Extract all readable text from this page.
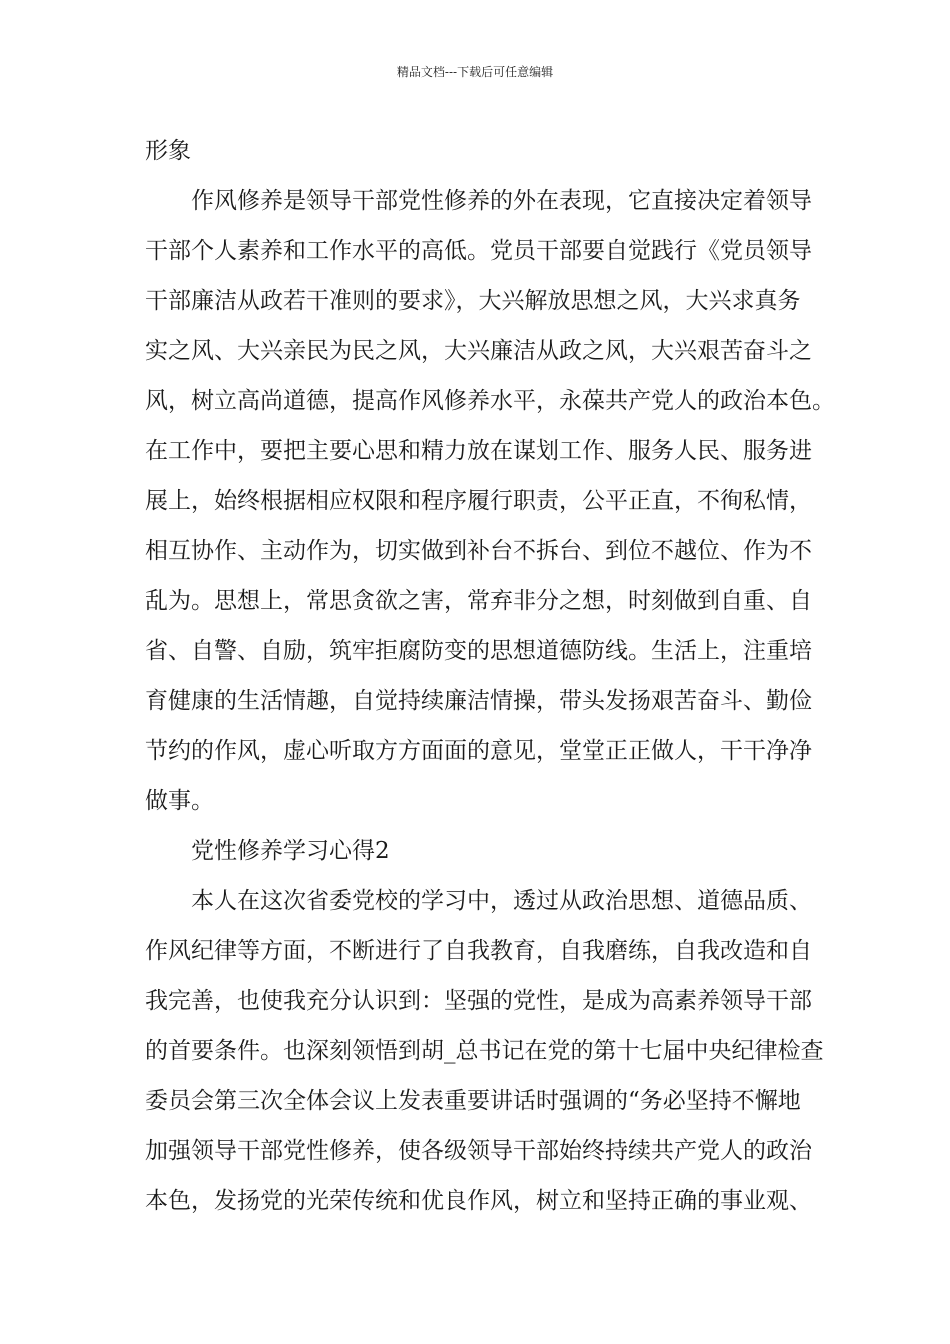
精品文档---下载后可任意编辑
形象
作风修养是领导干部党性修养的外在表现，它直接决定着领导
干部个人素养和工作水平的高低。党员干部要自觉践行《党员领导
干部廉洁从政若干准则的要求》，大兴解放思想之风，大兴求真务
实之风、大兴亲民为民之风，大兴廉洁从政之风，大兴艰苦奋斗之
风，树立高尚道德，提高作风修养水平，永葆共产党人的政治本色。
在工作中，要把主要心思和精力放在谋划工作、服务人民、服务进
展上，始终根据相应权限和程序履行职责，公平正直，不徇私情，
相互协作、主动作为，切实做到补台不拆台、到位不越位、作为不
乱为。思想上，常思贪欲之害，常弃非分之想，时刻做到自重、自
省、自警、自励，筑牢拒腐防变的思想道德防线。生活上，注重培
育健康的生活情趣，自觉持续廉洁情操，带头发扬艰苦奋斗、勤俭
节约的作风，虚心听取方方面面的意见，堂堂正正做人，干干净净
做事。
党性修养学习心得2
本人在这次省委党校的学习中，透过从政治思想、道德品质、
作风纪律等方面，不断进行了自我教育，自我磨练，自我改造和自
我完善，也使我充分认识到：坚强的党性，是成为高素养领导干部
的首要条件。也深刻领悟到胡_总书记在党的第十七届中央纪律检查
委员会第三次全体会议上发表重要讲话时强调的“务必坚持不懈地
加强领导干部党性修养，使各级领导干部始终持续共产党人的政治
本色，发扬党的光荣传统和优良作风，树立和坚持正确的事业观、
